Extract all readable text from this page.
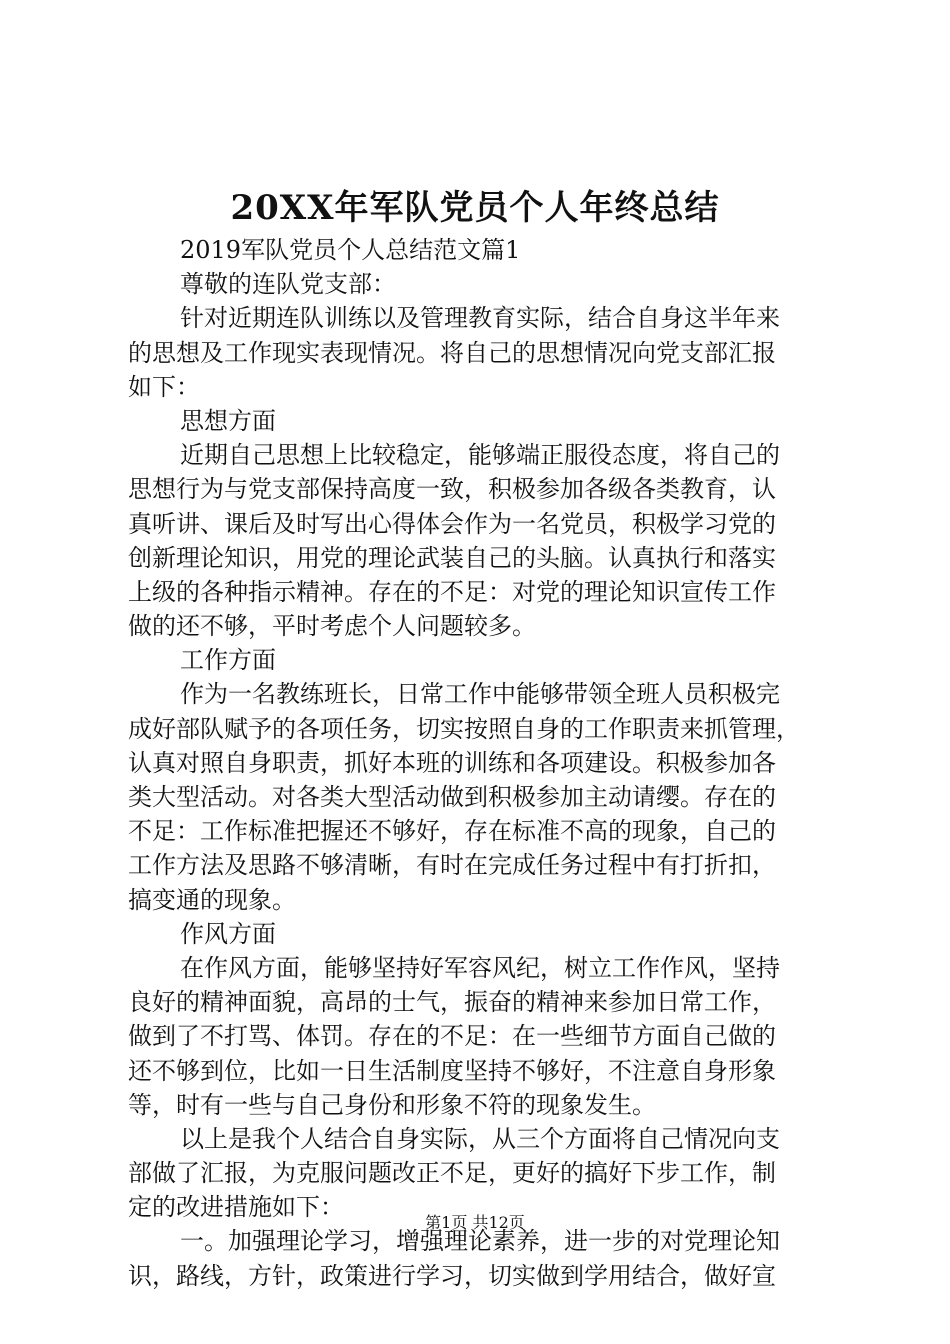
20XX年军队党员个人年终总结
2019军队党员个人总结范文篇1
尊敬的连队党支部：
针对近期连队训练以及管理教育实际，结合自身这半年来
的思想及工作现实表现情况。将自己的思想情况向党支部汇报
如下：
思想方面
近期自己思想上比较稳定，能够端正服役态度，将自己的
思想行为与党支部保持高度一致，积极参加各级各类教育，认
真听讲、课后及时写出心得体会作为一名党员，积极学习党的
创新理论知识，用党的理论武装自己的头脑。认真执行和落实
上级的各种指示精神。存在的不足：对党的理论知识宣传工作
做的还不够，平时考虑个人问题较多。
工作方面
作为一名教练班长，日常工作中能够带领全班人员积极完
成好部队赋予的各项任务，切实按照自身的工作职责来抓管理，
认真对照自身职责，抓好本班的训练和各项建设。积极参加各
类大型活动。对各类大型活动做到积极参加主动请缨。存在的
不足：工作标准把握还不够好，存在标准不高的现象，自己的
工作方法及思路不够清晰，有时在完成任务过程中有打折扣，
搞变通的现象。
作风方面
在作风方面，能够坚持好军容风纪，树立工作作风，坚持
良好的精神面貌，高昂的士气，振奋的精神来参加日常工作，
做到了不打骂、体罚。存在的不足：在一些细节方面自己做的
还不够到位，比如一日生活制度坚持不够好，不注意自身形象
等，时有一些与自己身份和形象不符的现象发生。
以上是我个人结合自身实际，从三个方面将自己情况向支
部做了汇报，为克服问题改正不足，更好的搞好下步工作，制
定的改进措施如下：
一。加强理论学习，增强理论素养，进一步的对党理论知
识，路线，方针，政策进行学习，切实做到学用结合，做好宣
第1页 共12页
